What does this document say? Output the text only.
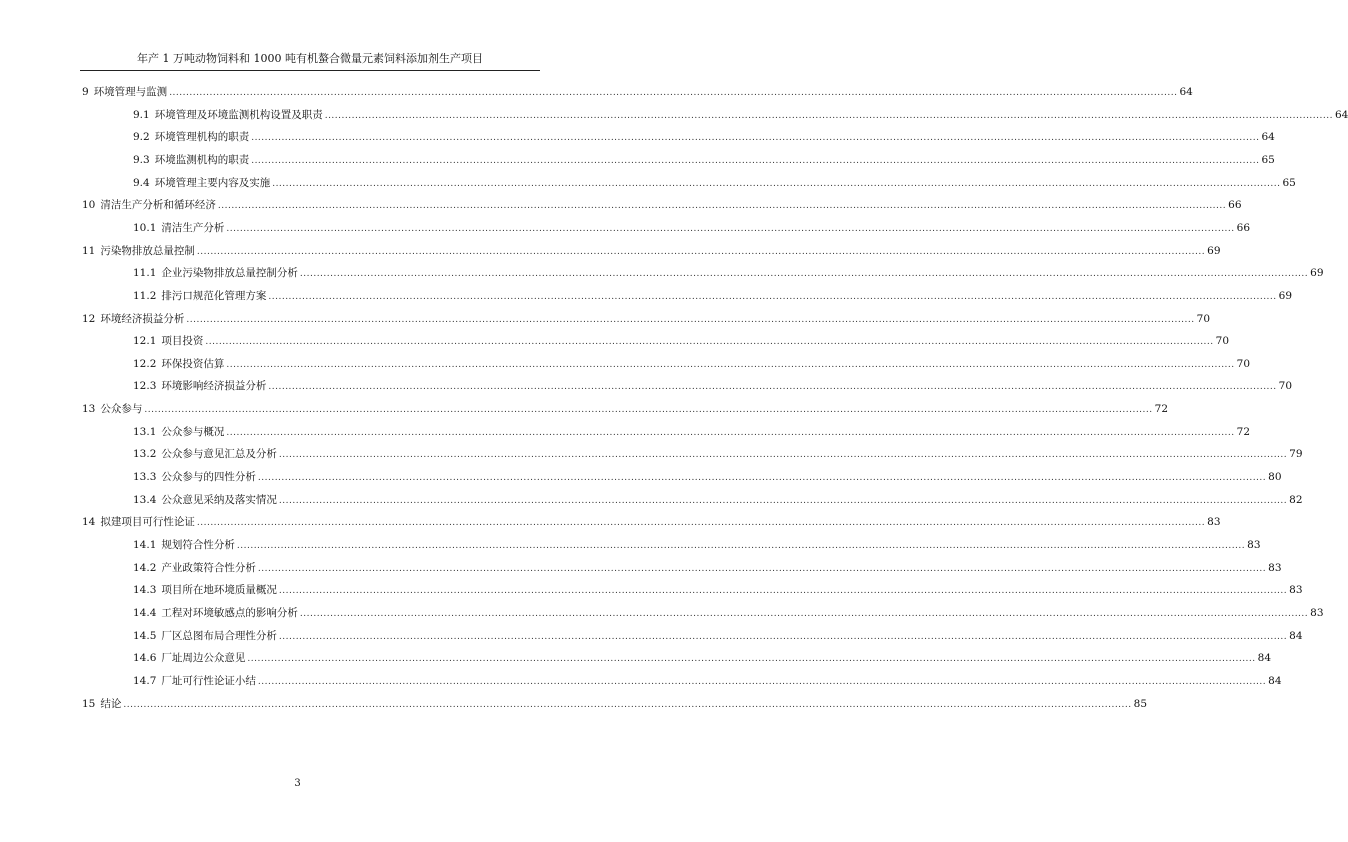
年产 1 万吨动物饲料和 1000 吨有机螯合微量元素饲料添加剂生产项目
9 环境管理与监测 ............................................................................................................................................................................................................................................................................................................ 64
9.1 环境管理及环境监测机构设置及职责 ............................................................................................................................................................................................................................................................................................................ 64
9.2 环境管理机构的职责 ............................................................................................................................................................................................................................................................................................................ 64
9.3 环境监测机构的职责 ............................................................................................................................................................................................................................................................................................................ 65
9.4 环境管理主要内容及实施 ............................................................................................................................................................................................................................................................................................................ 65
10 清洁生产分析和循环经济 ............................................................................................................................................................................................................................................................................................................ 66
10.1 清洁生产分析 ............................................................................................................................................................................................................................................................................................................ 66
11 污染物排放总量控制 ............................................................................................................................................................................................................................................................................................................ 69
11.1 企业污染物排放总量控制分析 ............................................................................................................................................................................................................................................................................................................ 69
11.2 排污口规范化管理方案 ............................................................................................................................................................................................................................................................................................................ 69
12 环境经济损益分析 ............................................................................................................................................................................................................................................................................................................ 70
12.1 项目投资 ............................................................................................................................................................................................................................................................................................................ 70
12.2 环保投资估算 ............................................................................................................................................................................................................................................................................................................ 70
12.3 环境影响经济损益分析 ............................................................................................................................................................................................................................................................................................................ 70
13 公众参与 ............................................................................................................................................................................................................................................................................................................ 72
13.1 公众参与概况 ............................................................................................................................................................................................................................................................................................................ 72
13.2 公众参与意见汇总及分析 ............................................................................................................................................................................................................................................................................................................ 79
13.3 公众参与的四性分析 ............................................................................................................................................................................................................................................................................................................ 80
13.4 公众意见采纳及落实情况 ............................................................................................................................................................................................................................................................................................................ 82
14 拟建项目可行性论证 ............................................................................................................................................................................................................................................................................................................ 83
14.1 规划符合性分析 ............................................................................................................................................................................................................................................................................................................ 83
14.2 产业政策符合性分析 ............................................................................................................................................................................................................................................................................................................ 83
14.3 项目所在地环境质量概况 ............................................................................................................................................................................................................................................................................................................ 83
14.4 工程对环境敏感点的影响分析 ............................................................................................................................................................................................................................................................................................................ 83
14.5 厂区总图布局合理性分析 ............................................................................................................................................................................................................................................................................................................ 84
14.6 厂址周边公众意见 ............................................................................................................................................................................................................................................................................................................ 84
14.7 厂址可行性论证小结 ............................................................................................................................................................................................................................................................................................................ 84
15 结论 ............................................................................................................................................................................................................................................................................................................ 85
3
